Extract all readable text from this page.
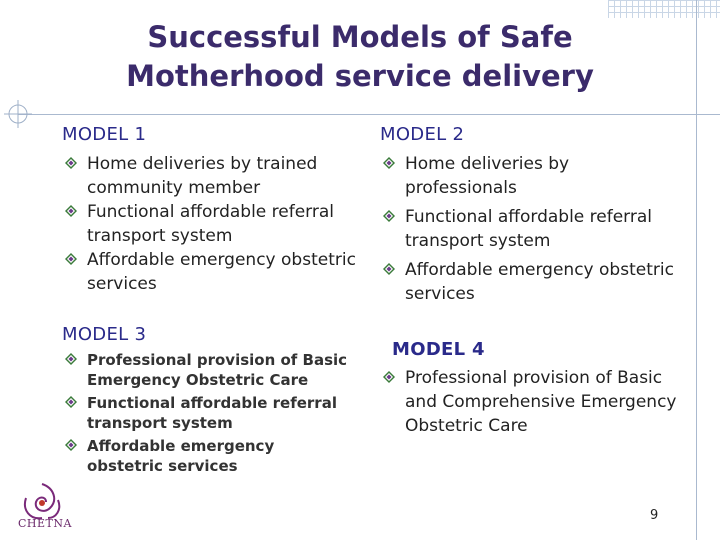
Successful Models of Safe
Motherhood service delivery
MODEL 1
Home deliveries by trained community member
Functional affordable referral transport system
Affordable emergency obstetric services
MODEL 2
Home deliveries by professionals
Functional affordable referral transport system
Affordable emergency obstetric services
MODEL 3
Professional provision of Basic Emergency Obstetric Care
Functional affordable referral transport system
Affordable emergency obstetric services
MODEL 4
Professional provision of Basic and Comprehensive Emergency Obstetric Care
CHETNA
9
